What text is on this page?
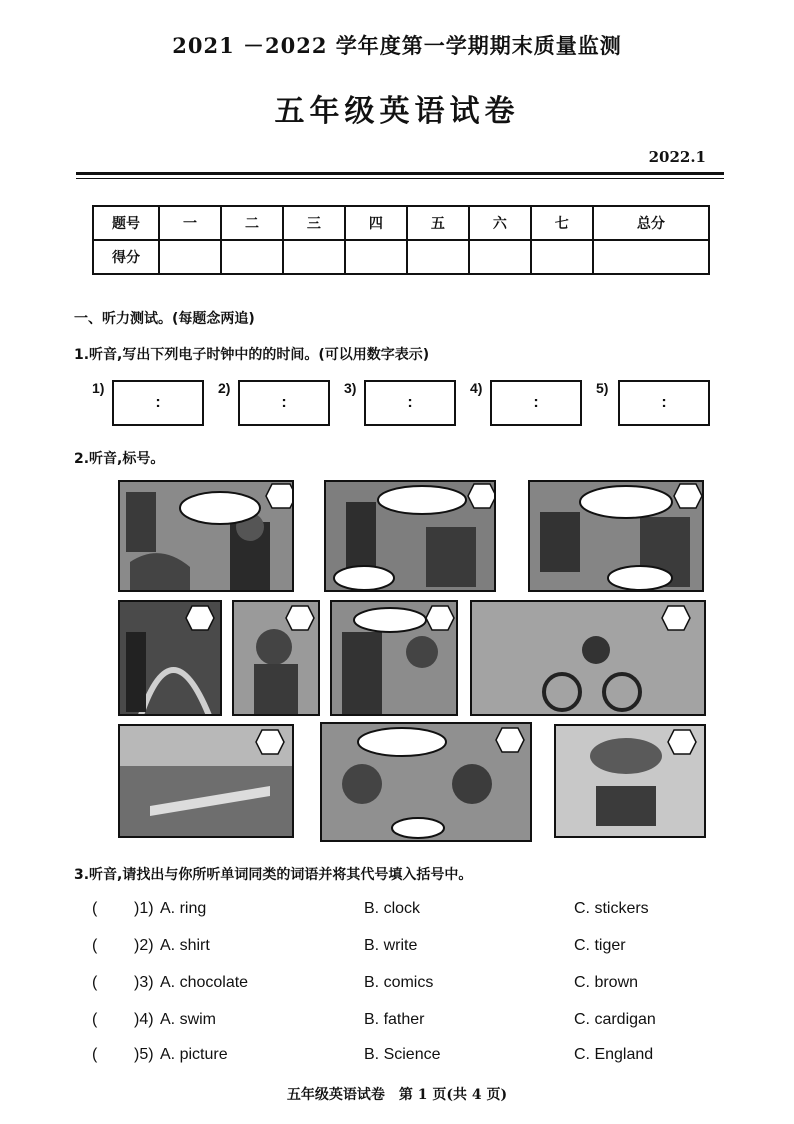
2021 －2022 学年度第一学期期末质量监测
五年级英语试卷
2022.1
题号	一	二	三	四	五	六	七	总分
得分								
一、听力测试。(每题念两追)
1.听音,写出下列电子时钟中的的时间。(可以用数字表示)
1)
:
2)
:
3)
:
4)
:
5)
:
2.听音,标号。
3.听音,请找出与你所听单词同类的词语并将其代号填入括号中。
( )1) A. ring	B. clock	C. stickers
( )2) A. shirt	B. write	C. tiger
( )3) A. chocolate	B. comics	C. brown
( )4) A. swim	B. father	C. cardigan
( )5) A. picture	B. Science	C. England
五年级英语试卷　第 1 页(共 4 页)
